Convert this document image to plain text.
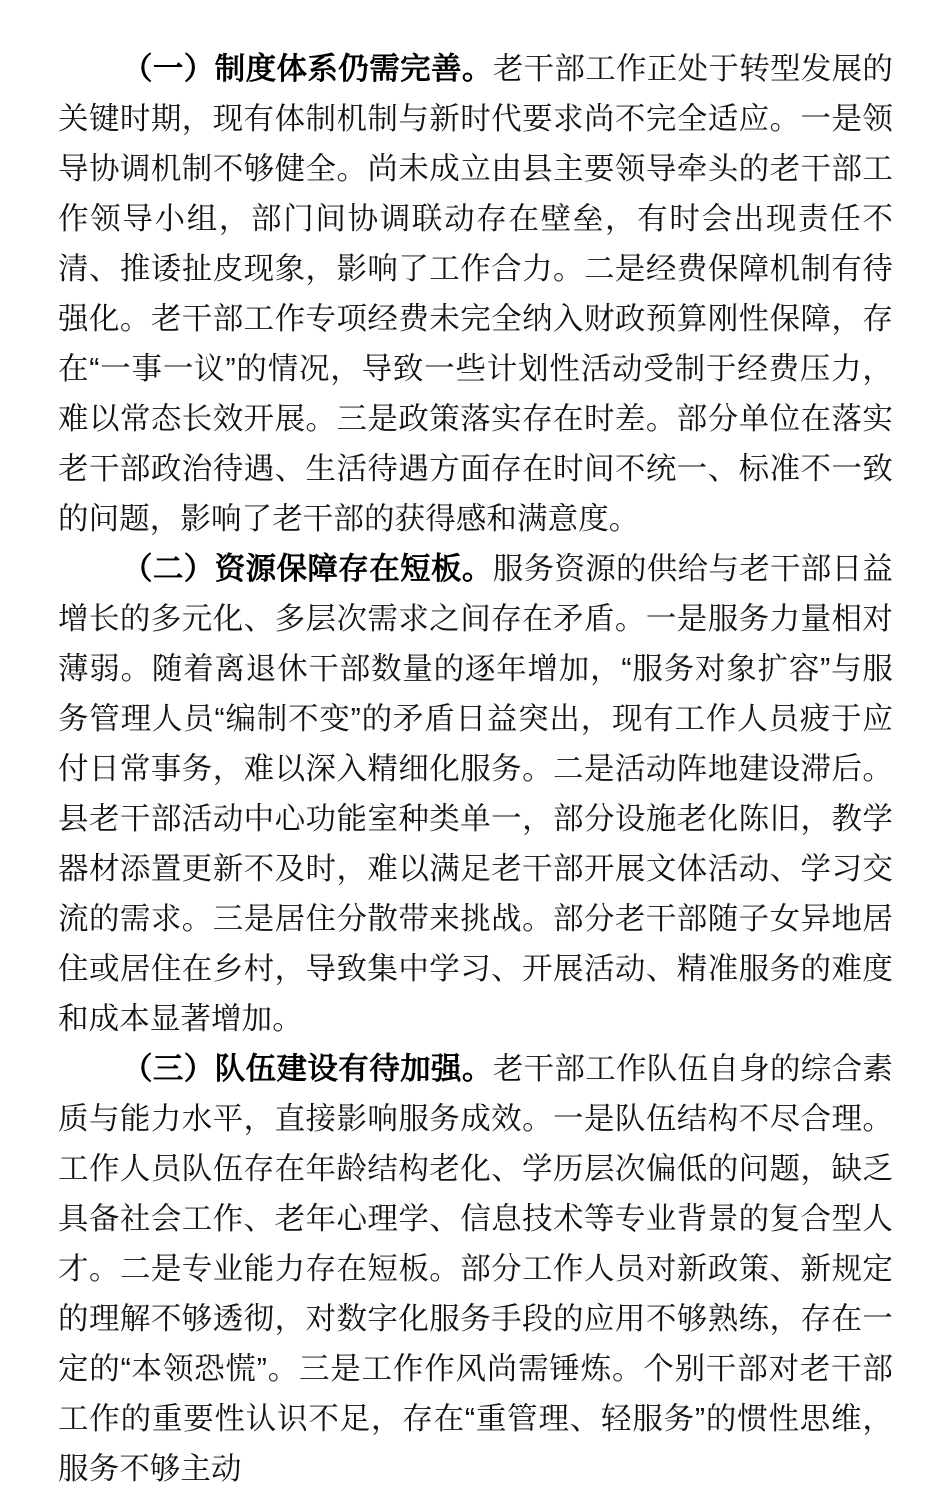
（一）制度体系仍需完善。老干部工作正处于转型发展的关键时期，现有体制机制与新时代要求尚不完全适应。一是领导协调机制不够健全。尚未成立由县主要领导牵头的老干部工作领导小组，部门间协调联动存在壁垒，有时会出现责任不清、推诿扯皮现象，影响了工作合力。二是经费保障机制有待强化。老干部工作专项经费未完全纳入财政预算刚性保障，存在“一事一议”的情况，导致一些计划性活动受制于经费压力，难以常态长效开展。三是政策落实存在时差。部分单位在落实老干部政治待遇、生活待遇方面存在时间不统一、标准不一致的问题，影响了老干部的获得感和满意度。

（二）资源保障存在短板。服务资源的供给与老干部日益增长的多元化、多层次需求之间存在矛盾。一是服务力量相对薄弱。随着离退休干部数量的逐年增加，“服务对象扩容”与服务管理人员“编制不变”的矛盾日益突出，现有工作人员疲于应付日常事务，难以深入精细化服务。二是活动阵地建设滞后。县老干部活动中心功能室种类单一，部分设施老化陈旧，教学器材添置更新不及时，难以满足老干部开展文体活动、学习交流的需求。三是居住分散带来挑战。部分老干部随子女异地居住或居住在乡村，导致集中学习、开展活动、精准服务的难度和成本显著增加。

（三）队伍建设有待加强。老干部工作队伍自身的综合素质与能力水平，直接影响服务成效。一是队伍结构不尽合理。工作人员队伍存在年龄结构老化、学历层次偏低的问题，缺乏具备社会工作、老年心理学、信息技术等专业背景的复合型人才。二是专业能力存在短板。部分工作人员对新政策、新规定的理解不够透彻，对数字化服务手段的应用不够熟练，存在一定的“本领恐慌”。三是工作作风尚需锤炼。个别干部对老干部工作的重要性认识不足，存在“重管理、轻服务”的惯性思维，服务不够主动
